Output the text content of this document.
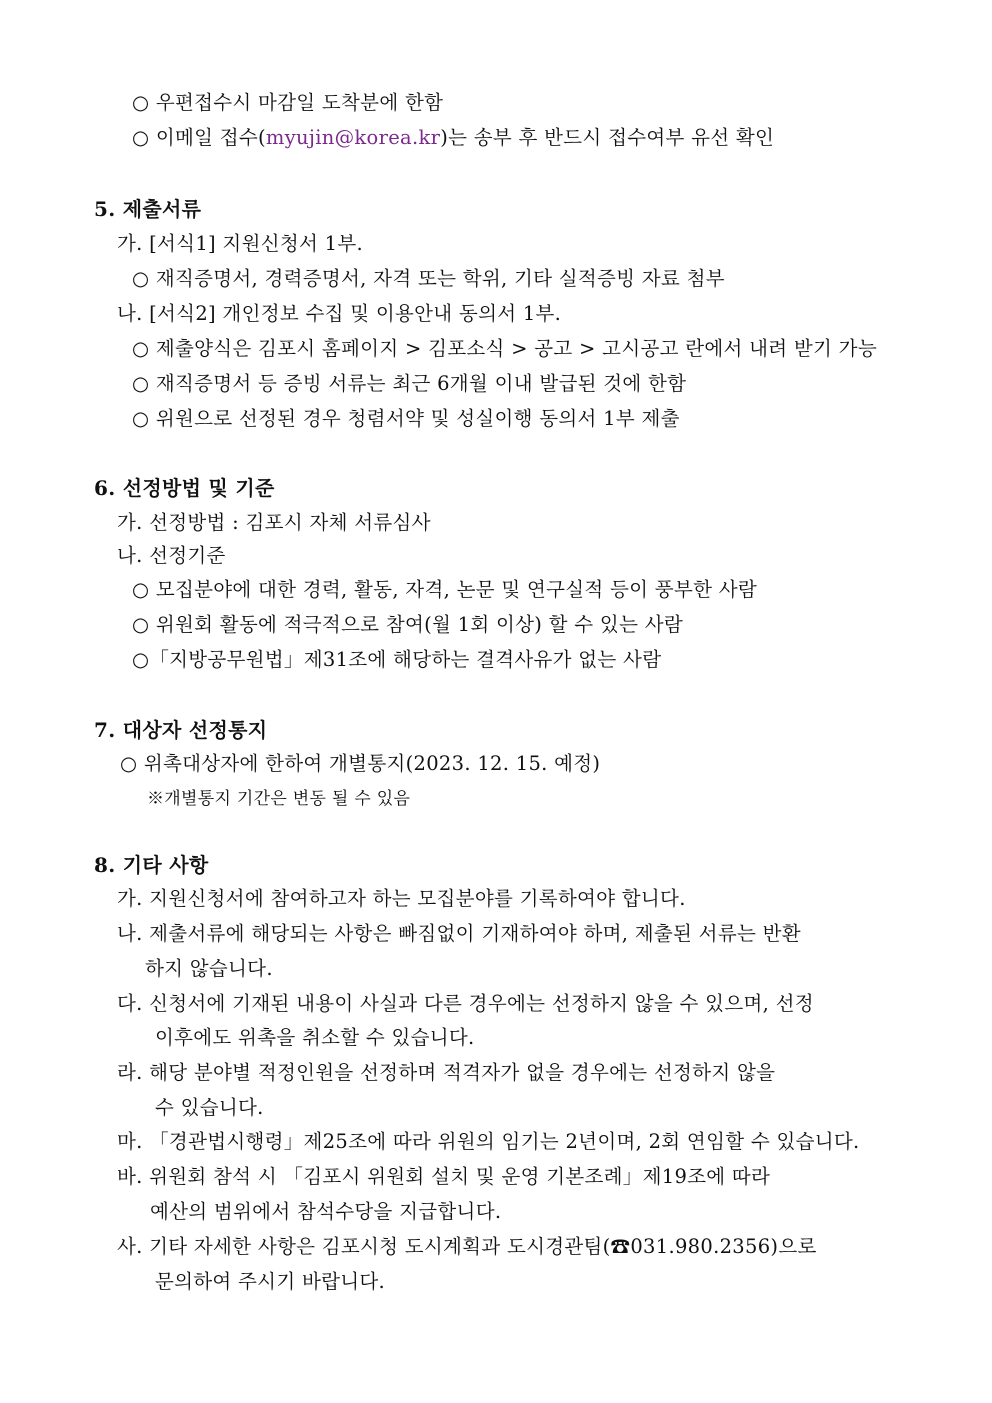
○ 우편접수시 마감일 도착분에 한함
○ 이메일 접수(myujin@korea.kr)는 송부 후 반드시 접수여부 유선 확인
5. 제출서류
가. [서식1] 지원신청서 1부.
○ 재직증명서, 경력증명서, 자격 또는 학위, 기타 실적증빙 자료 첨부
나. [서식2] 개인정보 수집 및 이용안내 동의서 1부.
○ 제출양식은 김포시 홈페이지 > 김포소식 > 공고 > 고시공고 란에서 내려 받기 가능
○ 재직증명서 등 증빙 서류는 최근 6개월 이내 발급된 것에 한함
○ 위원으로 선정된 경우 청렴서약 및 성실이행 동의서 1부 제출
6. 선정방법 및 기준
가. 선정방법 : 김포시 자체 서류심사
나. 선정기준
○ 모집분야에 대한 경력, 활동, 자격, 논문 및 연구실적 등이 풍부한 사람
○ 위원회 활동에 적극적으로 참여(월 1회 이상) 할 수 있는 사람
○「지방공무원법」제31조에 해당하는 결격사유가 없는 사람
7. 대상자 선정통지
○ 위촉대상자에 한하여 개별통지(2023. 12. 15. 예정)
※개별통지 기간은 변동 될 수 있음
8. 기타 사항
가. 지원신청서에 참여하고자 하는 모집분야를 기록하여야 합니다.
나. 제출서류에 해당되는 사항은 빠짐없이 기재하여야 하며, 제출된 서류는 반환
하지 않습니다.
다. 신청서에 기재된 내용이 사실과 다른 경우에는 선정하지 않을 수 있으며, 선정
이후에도 위촉을 취소할 수 있습니다.
라. 해당 분야별 적정인원을 선정하며 적격자가 없을 경우에는 선정하지 않을
수 있습니다.
마. 「경관법시행령」제25조에 따라 위원의 임기는 2년이며, 2회 연임할 수 있습니다.
바. 위원회 참석 시 「김포시 위원회 설치 및 운영 기본조례」제19조에 따라
예산의 범위에서 참석수당을 지급합니다.
사. 기타 자세한 사항은 김포시청 도시계획과 도시경관팀(☎031.980.2356)으로
문의하여 주시기 바랍니다.
